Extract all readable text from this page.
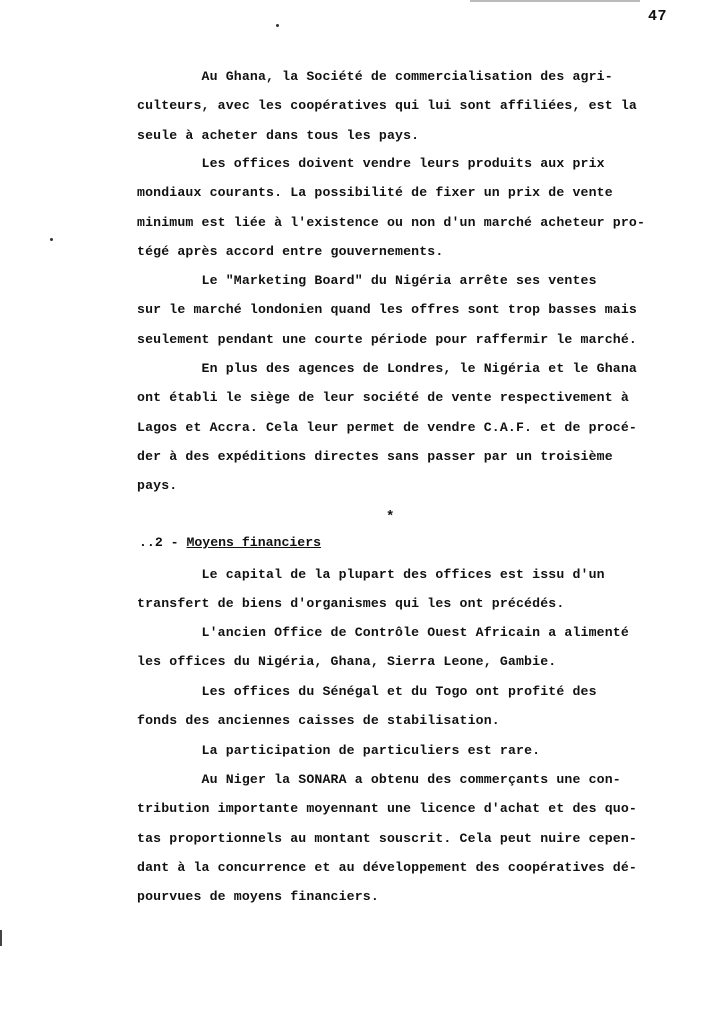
47
Au Ghana, la Société de commercialisation des agri-
culteurs, avec les coopératives qui lui sont affiliées, est la
seule à acheter dans tous les pays.
Les offices doivent vendre leurs produits aux prix
mondiaux courants. La possibilité de fixer un prix de vente
minimum est liée à l'existence ou non d'un marché acheteur pro-
tégé après accord entre gouvernements.
Le "Marketing Board" du Nigéria arrête ses ventes
sur le marché londonien quand les offres sont trop basses mais
seulement pendant une courte période pour raffermir le marché.
En plus des agences de Londres, le Nigéria et le Ghana
ont établi le siège de leur société de vente respectivement à
Lagos et Accra. Cela leur permet de vendre C.A.F. et de procé-
der à des expéditions directes sans passer par un troisième
pays.
*
..2 - Moyens financiers
Le capital de la plupart des offices est issu d'un
transfert de biens d'organismes qui les ont précédés.
L'ancien Office de Contrôle Ouest Africain a alimenté
les offices du Nigéria, Ghana, Sierra Leone, Gambie.
Les offices du Sénégal et du Togo ont profité des
fonds des anciennes caisses de stabilisation.
La participation de particuliers est rare.
Au Niger la SONARA a obtenu des commerçants une con-
tribution importante moyennant une licence d'achat et des quo-
tas proportionnels au montant souscrit. Cela peut nuire cepen-
dant à la concurrence et au développement des coopératives dé-
pourvues de moyens financiers.
